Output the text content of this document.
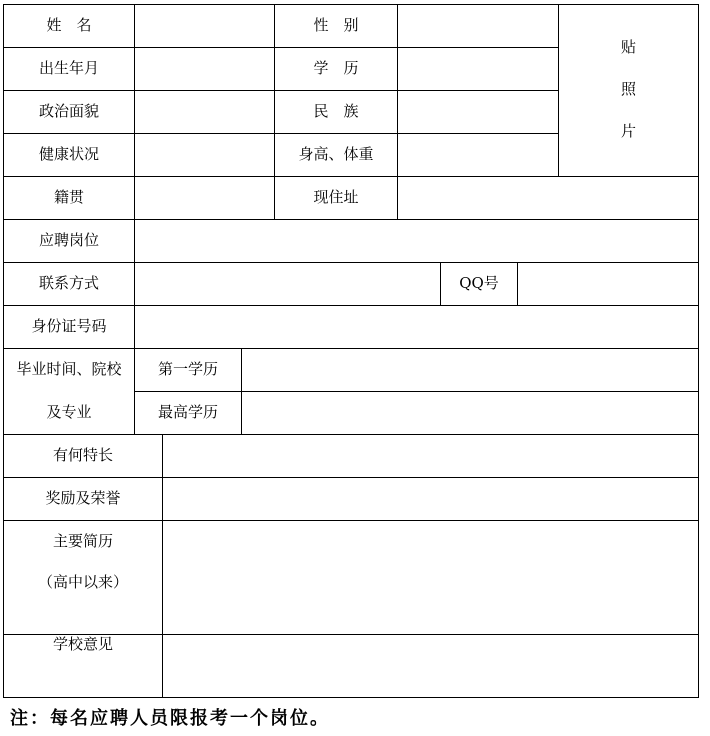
姓　名	性　别
出生年月	学　历
政治面貌	民　族
健康状况	身高、体重
贴
照
片
籍贯	现住址
应聘岗位
联系方式	QQ号
身份证号码
毕业时间、院校
及专业
第一学历
最高学历
有何特长
奖励及荣誉
主要简历
（高中以来）
学校意见
注：每名应聘人员限报考一个岗位。
